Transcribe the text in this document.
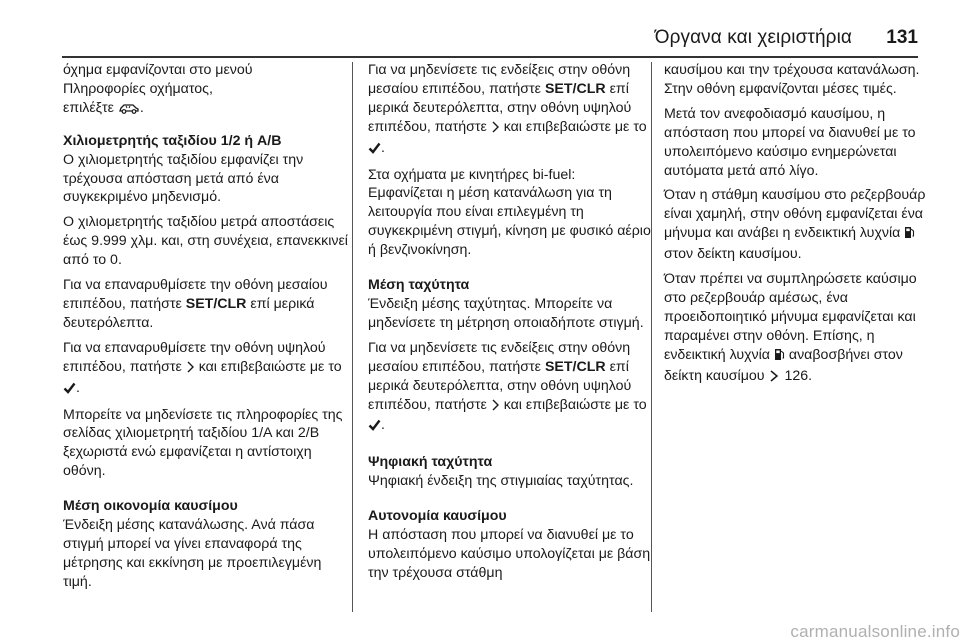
Όργανα και χειριστήρια 131

όχημα εμφανίζονται στο μενού
Πληροφορίες οχήματος,
επιλέξτε .

Χιλιομετρητής ταξιδίου 1/2 ή A/B

Ο χιλιομετρητής ταξιδίου εμφανίζει την τρέχουσα απόσταση μετά από ένα συγκεκριμένο μηδενισμό.

Ο χιλιομετρητής ταξιδίου μετρά αποστάσεις έως 9.999 χλμ. και, στη συνέχεια, επανεκκινεί από το 0.

Για να επαναρυθμίσετε την οθόνη μεσαίου επιπέδου, πατήστε SET/CLR επί μερικά δευτερόλεπτα.

Για να επαναρυθμίσετε την οθόνη υψηλού επιπέδου, πατήστε και επιβεβαιώστε με το .

Μπορείτε να μηδενίσετε τις πληροφορίες της σελίδας χιλιομετρητή ταξιδίου 1/A και 2/B ξεχωριστά ενώ εμφανίζεται η αντίστοιχη οθόνη.

Μέση οικονομία καυσίμου

Ένδειξη μέσης κατανάλωσης. Ανά πάσα στιγμή μπορεί να γίνει επαναφορά της μέτρησης και εκκίνηση με προεπιλεγμένη τιμή.

Για να μηδενίσετε τις ενδείξεις στην οθόνη μεσαίου επιπέδου, πατήστε SET/CLR επί μερικά δευτερόλεπτα, στην οθόνη υψηλού επιπέδου, πατήστε και επιβεβαιώστε με το .

Στα οχήματα με κινητήρες bi-fuel: Εμφανίζεται η μέση κατανάλωση για τη λειτουργία που είναι επιλεγμένη τη συγκεκριμένη στιγμή, κίνηση με φυσικό αέριο ή βενζινοκίνηση.

Μέση ταχύτητα

Ένδειξη μέσης ταχύτητας. Μπορείτε να μηδενίσετε τη μέτρηση οποιαδήποτε στιγμή.

Για να μηδενίσετε τις ενδείξεις στην οθόνη μεσαίου επιπέδου, πατήστε SET/CLR επί μερικά δευτερόλεπτα, στην οθόνη υψηλού επιπέδου, πατήστε και επιβεβαιώστε με το .

Ψηφιακή ταχύτητα

Ψηφιακή ένδειξη της στιγμιαίας ταχύτητας.

Αυτονομία καυσίμου

Η απόσταση που μπορεί να διανυθεί με το υπολειπόμενο καύσιμο υπολογίζεται με βάση την τρέχουσα στάθμη

καυσίμου και την τρέχουσα κατανάλωση. Στην οθόνη εμφανίζονται μέσες τιμές.

Μετά τον ανεφοδιασμό καυσίμου, η απόσταση που μπορεί να διανυθεί με το υπολειπόμενο καύσιμο ενημερώνεται αυτόματα μετά από λίγο.

Όταν η στάθμη καυσίμου στο ρεζερβουάρ είναι χαμηλή, στην οθόνη εμφανίζεται ένα μήνυμα και ανάβει η ενδεικτική λυχνία  στον δείκτη καυσίμου.

Όταν πρέπει να συμπληρώσετε καύσιμο στο ρεζερβουάρ αμέσως, ένα προειδοποιητικό μήνυμα εμφανίζεται και παραμένει στην οθόνη. Επίσης, η ενδεικτική λυχνία αναβοσβήνει στον δείκτη καυσίμου 126.

carmanualsonline.info
